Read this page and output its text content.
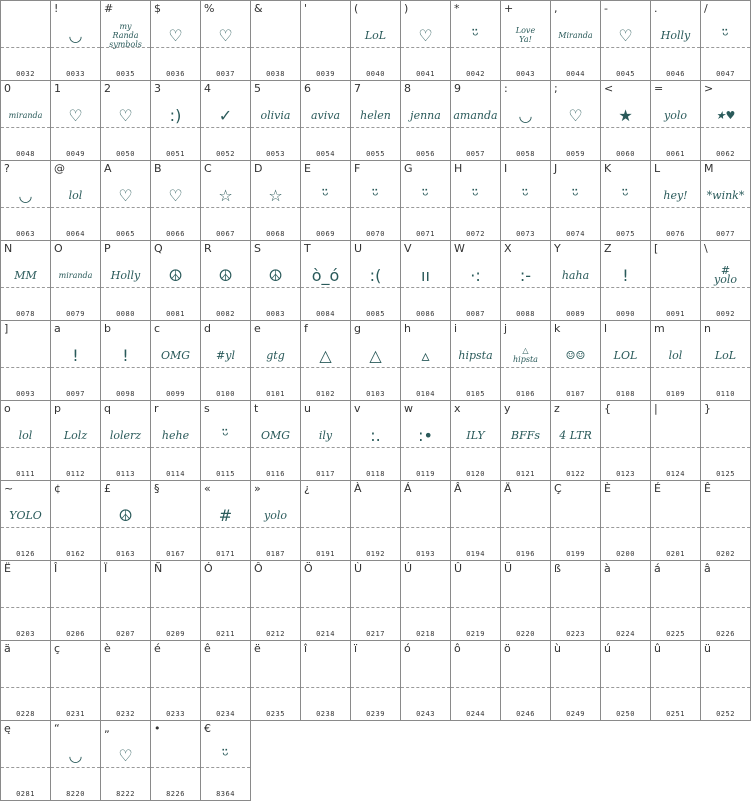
0032
!
◡
0033
#
my
Randa
symbols
0035
$
♡
0036
%
♡
0037
&
0038
'
0039
(
LoL
0040
)
♡
0041
*
ᵕ̈
0042
+
Love
Ya!
0043
,
Miranda
0044
-
♡
0045
.
Holly
0046
/
ᵕ̈
0047
0
miranda
0048
1
♡
0049
2
♡
0050
3
:)
0051
4
✓
0052
5
olivia
0053
6
aviva
0054
7
helen
0055
8
jenna
0056
9
amanda
0057
:
◡
0058
;
♡
0059
<
★
0060
=
yolo
0061
>
★♥
0062
?
◡
0063
@
lol
0064
A
♡
0065
B
♡
0066
C
☆
0067
D
☆
0068
E
ᵕ̈
0069
F
ᵕ̈
0070
G
ᵕ̈
0071
H
ᵕ̈
0072
I
ᵕ̈
0073
J
ᵕ̈
0074
K
ᵕ̈
0075
L
hey!
0076
M
*wink*
0077
N
MM
0078
O
miranda
0079
P
Holly
0080
Q
☮
0081
R
☮
0082
S
☮
0083
T
ò_ó
0084
U
:(
0085
V
ıı
0086
W
·:
0087
X
:-
0088
Y
haha
0089
Z
!
0090
[
0091
\
#
yolo
0092
]
0093
a
!
0097
b
!
0098
c
OMG
0099
d
#yl
0100
e
gtg
0101
f
△
0102
g
△
0103
h
▵
0104
i
hipsta
0105
j
△
hipsta
0106
k
☺☺
0107
l
LOL
0108
m
lol
0109
n
LoL
0110
o
lol
0111
p
Lolz
0112
q
lolerz
0113
r
hehe
0114
s
ᵕ̈
0115
t
OMG
0116
u
ily
0117
v
:.
0118
w
:•
0119
x
ILY
0120
y
BFFs
0121
z
4 LTR
0122
{
0123
|
0124
}
0125
~
YOLO
0126
¢
0162
£
☮
0163
§
0167
«
#
0171
»
yolo
0187
¿
0191
À
0192
Á
0193
Â
0194
Ä
0196
Ç
0199
È
0200
É
0201
Ê
0202
Ë
0203
Î
0206
Ï
0207
Ñ
0209
Ó
0211
Ô
0212
Ö
0214
Ù
0217
Ú
0218
Û
0219
Ü
0220
ß
0223
à
0224
á
0225
â
0226
ä
0228
ç
0231
è
0232
é
0233
ê
0234
ë
0235
î
0238
ï
0239
ó
0243
ô
0244
ö
0246
ù
0249
ú
0250
û
0251
ü
0252
ę
0281
“
◡
8220
„
♡
8222
•
8226
€
ᵕ̈
8364
